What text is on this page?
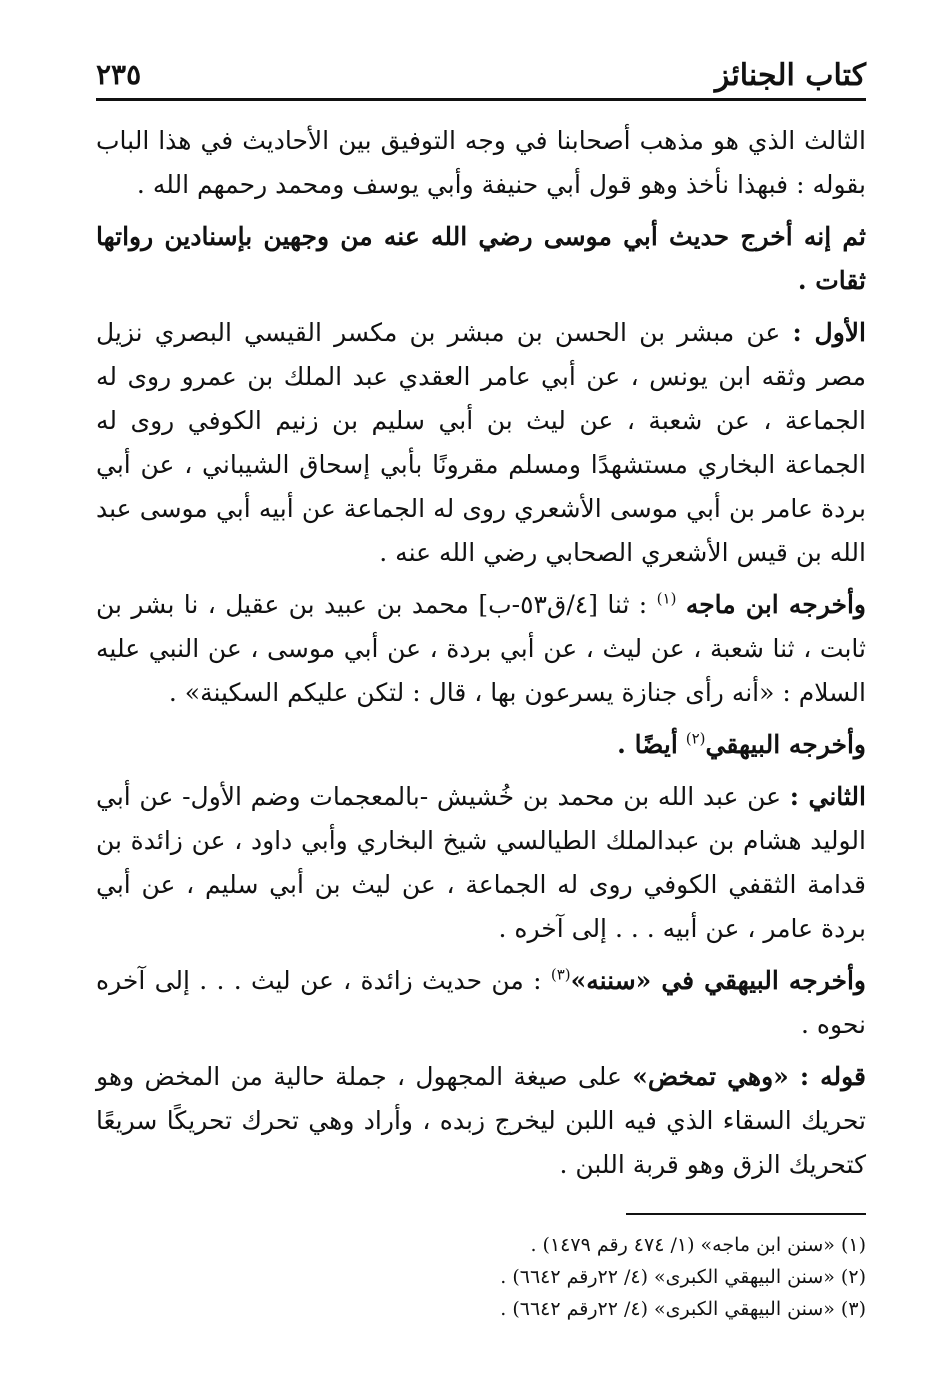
كتاب الجنائز
٢٣٥

الثالث الذي هو مذهب أصحابنا في وجه التوفيق بين الأحاديث في هذا الباب بقوله : فبهذا نأخذ وهو قول أبي حنيفة وأبي يوسف ومحمد رحمهم الله .

ثم إنه أخرج حديث أبي موسى رضي الله عنه من وجهين بإسنادين رواتها ثقات .

الأول : عن مبشر بن الحسن بن مبشر بن مكسر القيسي البصري نزيل مصر وثقه ابن يونس ، عن أبي عامر العقدي عبد الملك بن عمرو روى له الجماعة ، عن شعبة ، عن ليث بن أبي سليم بن زنيم الكوفي روى له الجماعة البخاري مستشهدًا ومسلم مقرونًا بأبي إسحاق الشيباني ، عن أبي بردة عامر بن أبي موسى الأشعري روى له الجماعة عن أبيه أبي موسى عبد الله بن قيس الأشعري الصحابي رضي الله عنه .

وأخرجه ابن ماجه $^{(١)}$ : ثنا [٤/ق٥٣-ب] محمد بن عبيد بن عقيل ، نا بشر بن ثابت ، ثنا شعبة ، عن ليث ، عن أبي بردة ، عن أبي موسى ، عن النبي عليه السلام : «أنه رأى جنازة يسرعون بها ، قال : لتكن عليكم السكينة» .

وأخرجه البيهقي$^{(٢)}$ أيضًا .

الثاني : عن عبد الله بن محمد بن خُشيش -بالمعجمات وضم الأول- عن أبي الوليد هشام بن عبدالملك الطيالسي شيخ البخاري وأبي داود ، عن زائدة بن قدامة الثقفي الكوفي روى له الجماعة ، عن ليث بن أبي سليم ، عن أبي بردة عامر ، عن أبيه . . . إلى آخره .

وأخرجه البيهقي في «سننه»$^{(٣)}$ : من حديث زائدة ، عن ليث . . . إلى آخره نحوه .

قوله : «وهي تمخض» على صيغة المجهول ، جملة حالية من المخض وهو تحريك السقاء الذي فيه اللبن ليخرج زبده ، وأراد وهي تحرك تحريكًا سريعًا كتحريك الزق وهو قربة اللبن .

(١) «سنن ابن ماجه» (١/ ٤٧٤ رقم ١٤٧٩) .
(٢) «سنن البيهقي الكبرى» (٤/ ٢٢رقم ٦٦٤٢) .
(٣) «سنن البيهقي الكبرى» (٤/ ٢٢رقم ٦٦٤٢) .
